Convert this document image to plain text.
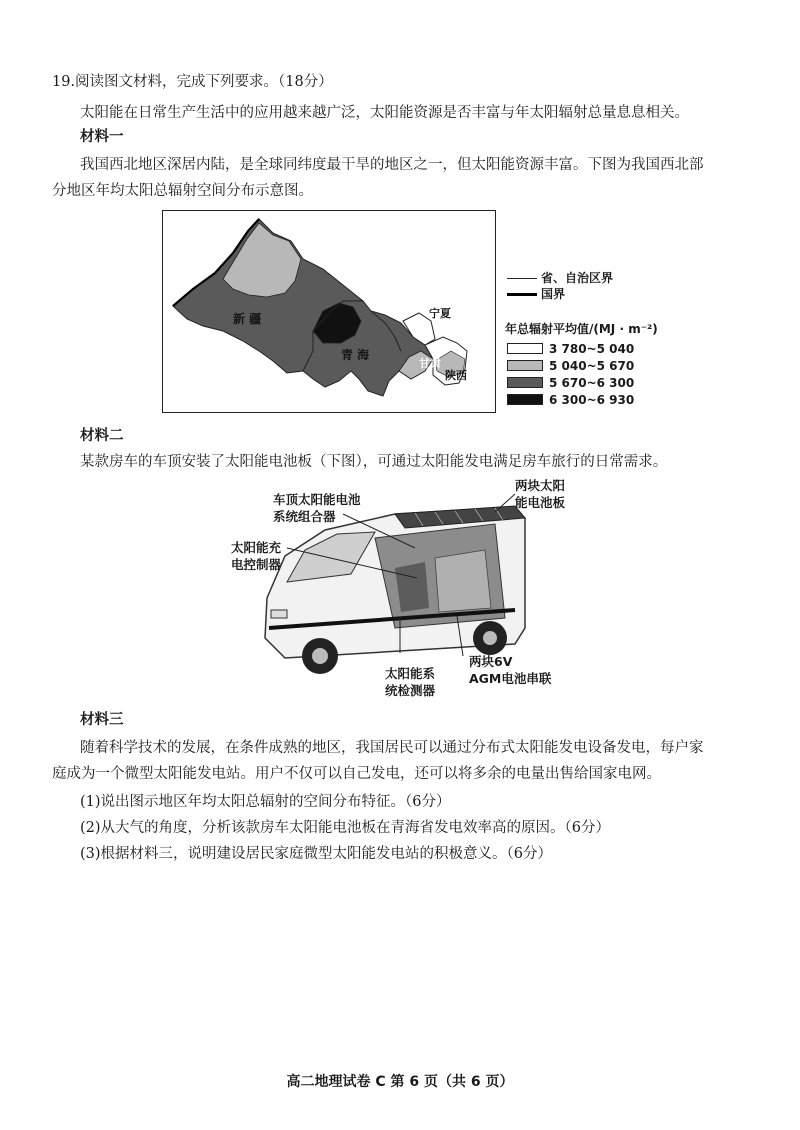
19.阅读图文材料，完成下列要求。（18分）
太阳能在日常生产生活中的应用越来越广泛，太阳能资源是否丰富与年太阳辐射总量息息相关。
材料一
我国西北地区深居内陆，是全球同纬度最干旱的地区之一，但太阳能资源丰富。下图为我国西北部
分地区年均太阳总辐射空间分布示意图。
新 疆
青 海
宁夏
甘肃
陕西
省、自治区界
国界
年总辐射平均值/(MJ · m⁻²)
3 780~5 040
5 040~5 670
5 670~6 300
6 300~6 930
材料二
某款房车的车顶安装了太阳能电池板（下图），可通过太阳能发电满足房车旅行的日常需求。
车顶太阳能电池
系统组合器
两块太阳
能电池板
太阳能充
电控制器
太阳能系
统检测器
两块6V
AGM电池串联
材料三
随着科学技术的发展，在条件成熟的地区，我国居民可以通过分布式太阳能发电设备发电，每户家
庭成为一个微型太阳能发电站。用户不仅可以自己发电，还可以将多余的电量出售给国家电网。
(1)说出图示地区年均太阳总辐射的空间分布特征。（6分）
(2)从大气的角度，分析该款房车太阳能电池板在青海省发电效率高的原因。（6分）
(3)根据材料三，说明建设居民家庭微型太阳能发电站的积极意义。（6分）
高二地理试卷 C 第 6 页（共 6 页）
